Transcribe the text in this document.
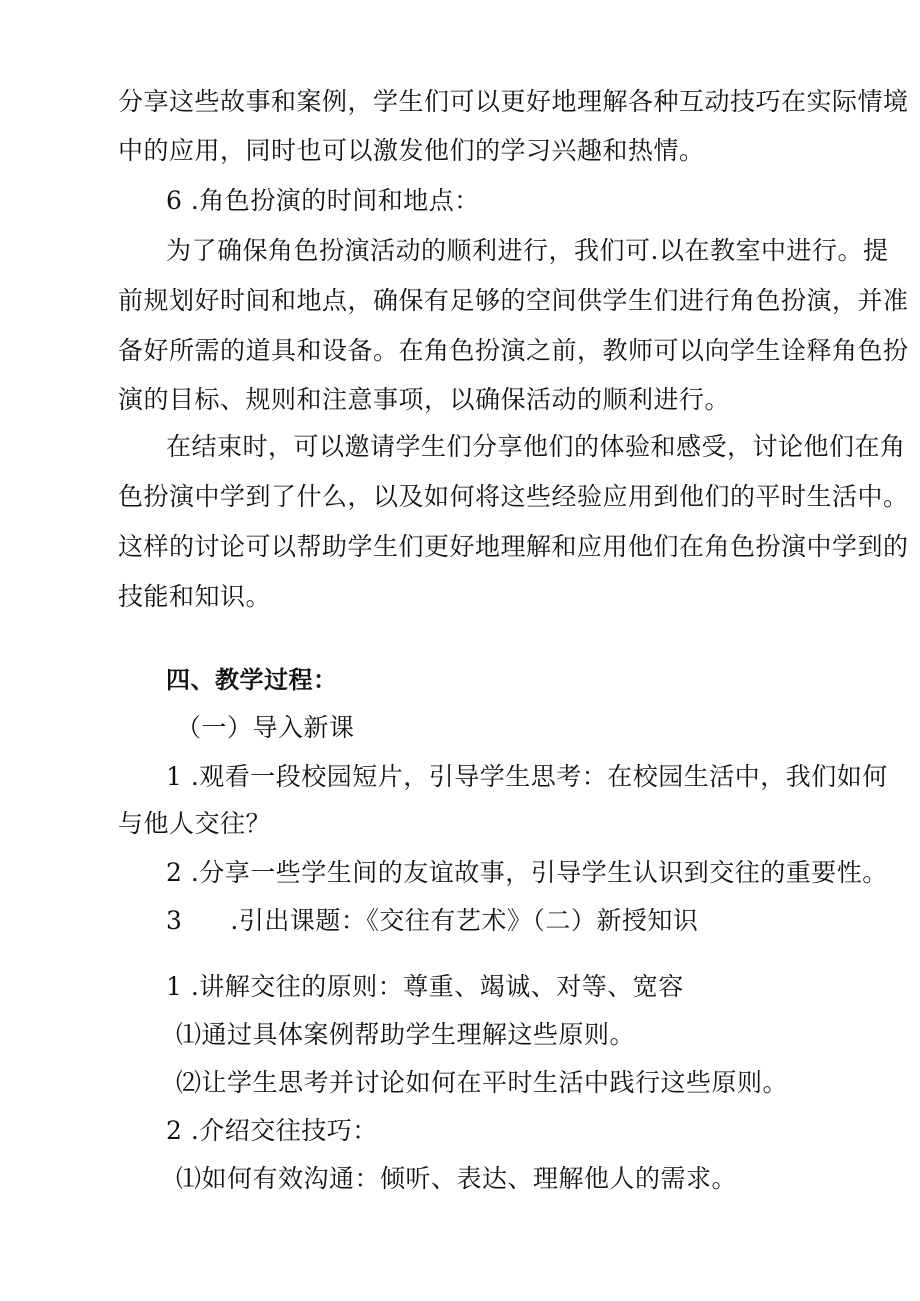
分享这些故事和案例，学生们可以更好地理解各种互动技巧在实际情境
中的应用，同时也可以激发他们的学习兴趣和热情。
6 .角色扮演的时间和地点：
为了确保角色扮演活动的顺利进行，我们可.以在教室中进行。提
前规划好时间和地点，确保有足够的空间供学生们进行角色扮演，并准
备好所需的道具和设备。在角色扮演之前，教师可以向学生诠释角色扮
演的目标、规则和注意事项，以确保活动的顺利进行。
在结束时，可以邀请学生们分享他们的体验和感受，讨论他们在角
色扮演中学到了什么，以及如何将这些经验应用到他们的平时生活中。
这样的讨论可以帮助学生们更好地理解和应用他们在角色扮演中学到的
技能和知识。
四、教学过程：
（一）导入新课
1 .观看一段校园短片，引导学生思考：在校园生活中，我们如何
与他人交往？
2 .分享一些学生间的友谊故事，引导学生认识到交往的重要性。
3 .引出课题：《交往有艺术》（二）新授知识
1 .讲解交往的原则：尊重、竭诚、对等、宽容
⑴通过具体案例帮助学生理解这些原则。
⑵让学生思考并讨论如何在平时生活中践行这些原则。
2 .介绍交往技巧：
⑴如何有效沟通：倾听、表达、理解他人的需求。
